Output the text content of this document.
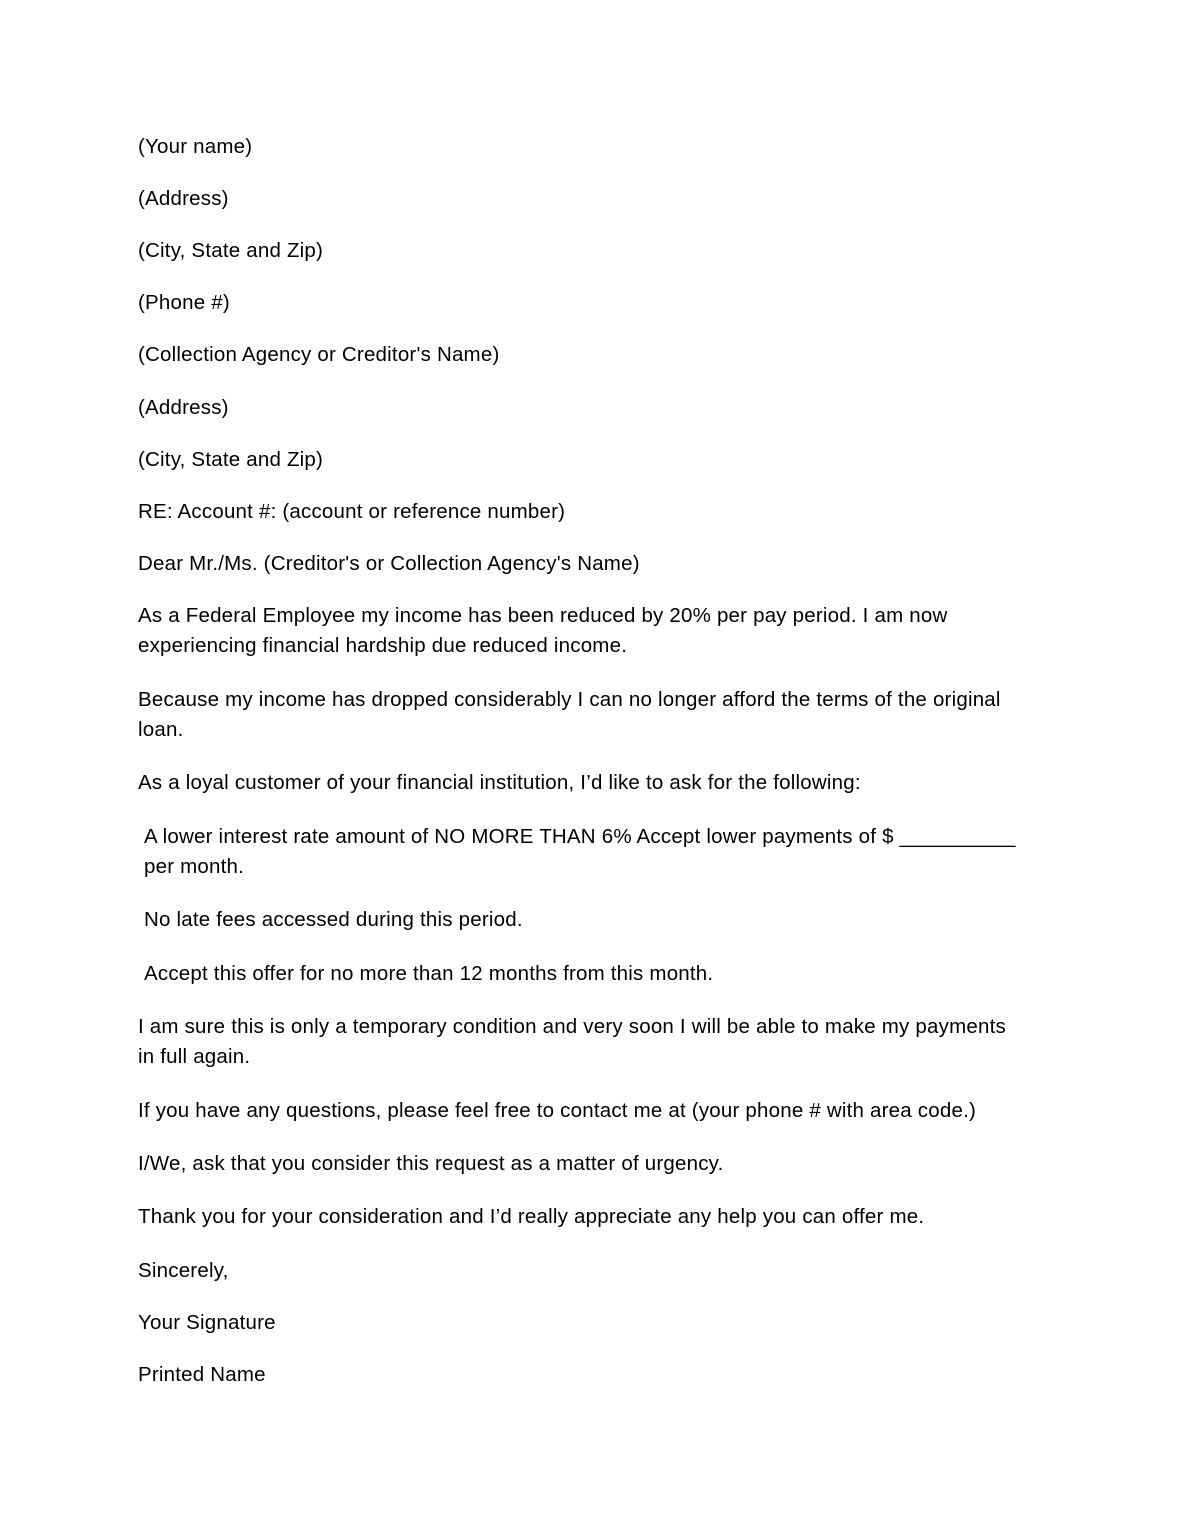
(Your name)

(Address)

(City, State and Zip)

(Phone #)

(Collection Agency or Creditor's Name)

(Address)

(City, State and Zip)

RE: Account #: (account or reference number)

Dear Mr./Ms. (Creditor's or Collection Agency's Name)

As a Federal Employee my income has been reduced by 20% per pay period. I am now experiencing financial hardship due reduced income.

Because my income has dropped considerably I can no longer afford the terms of the original loan.

As a loyal customer of your financial institution, I’d like to ask for the following:

A lower interest rate amount of NO MORE THAN 6% Accept lower payments of $ __________ per month.

No late fees accessed during this period.

Accept this offer for no more than 12 months from this month.

I am sure this is only a temporary condition and very soon I will be able to make my payments in full again.

If you have any questions, please feel free to contact me at (your phone # with area code.)

I/We, ask that you consider this request as a matter of urgency.

Thank you for your consideration and I’d really appreciate any help you can offer me.

Sincerely,

Your Signature

Printed Name
